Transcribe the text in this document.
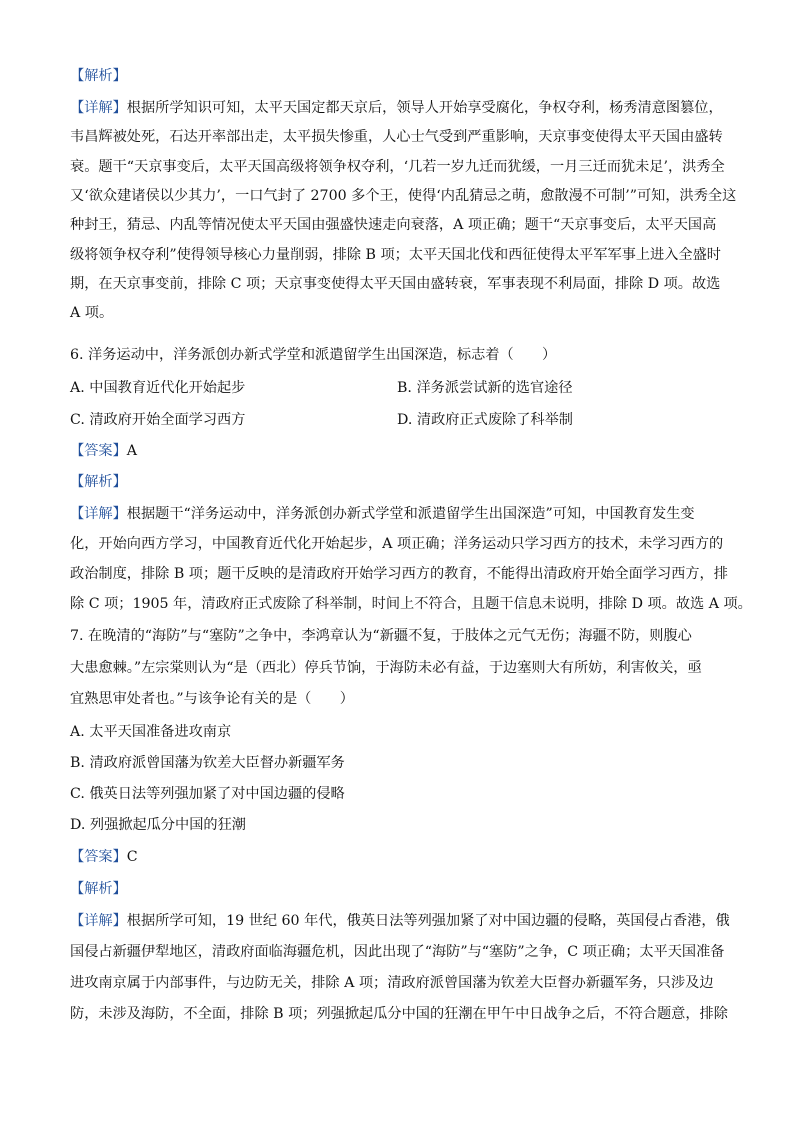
【解析】
【详解】根据所学知识可知，太平天国定都天京后，领导人开始享受腐化，争权夺利，杨秀清意图篡位，
韦昌辉被处死，石达开率部出走，太平损失惨重，人心士气受到严重影响，天京事变使得太平天国由盛转
衰。题干“天京事变后，太平天国高级将领争权夺利，‘几若一岁九迁而犹缓，一月三迁而犹未足’，洪秀全
又‘欲众建诸侯以少其力’，一口气封了 2700 多个王，使得‘内乱猜忌之萌，愈散漫不可制’”可知，洪秀全这
种封王，猜忌、内乱等情况使太平天国由强盛快速走向衰落，A 项正确；题干“天京事变后，太平天国高
级将领争权夺利”使得领导核心力量削弱，排除 B 项；太平天国北伐和西征使得太平军军事上进入全盛时
期，在天京事变前，排除 C 项；天京事变使得太平天国由盛转衰，军事表现不利局面，排除 D 项。故选
A 项。
6. 洋务运动中，洋务派创办新式学堂和派遣留学生出国深造，标志着（　　）
A. 中国教育近代化开始起步	B. 洋务派尝试新的选官途径
C. 清政府开始全面学习西方	D. 清政府正式废除了科举制
【答案】A
【解析】
【详解】根据题干“洋务运动中，洋务派创办新式学堂和派遣留学生出国深造”可知，中国教育发生变
化，开始向西方学习，中国教育近代化开始起步，A 项正确；洋务运动只学习西方的技术，未学习西方的
政治制度，排除 B 项；题干反映的是清政府开始学习西方的教育，不能得出清政府开始全面学习西方，排
除 C 项；1905 年，清政府正式废除了科举制，时间上不符合，且题干信息未说明，排除 D 项。故选 A 项。
7. 在晚清的“海防”与“塞防”之争中，李鸿章认为“新疆不复，于肢体之元气无伤；海疆不防，则腹心
大患愈棘。”左宗棠则认为“是（西北）停兵节饷，于海防未必有益，于边塞则大有所妨，利害攸关，亟
宜熟思审处者也。”与该争论有关的是（　　）
A. 太平天国准备进攻南京
B. 清政府派曾国藩为钦差大臣督办新疆军务
C. 俄英日法等列强加紧了对中国边疆的侵略
D. 列强掀起瓜分中国的狂潮
【答案】C
【解析】
【详解】根据所学可知，19 世纪 60 年代，俄英日法等列强加紧了对中国边疆的侵略，英国侵占香港，俄
国侵占新疆伊犁地区，清政府面临海疆危机，因此出现了“海防”与“塞防”之争，C 项正确；太平天国准备
进攻南京属于内部事件，与边防无关，排除 A 项；清政府派曾国藩为钦差大臣督办新疆军务，只涉及边
防，未涉及海防，不全面，排除 B 项；列强掀起瓜分中国的狂潮在甲午中日战争之后，不符合题意，排除
